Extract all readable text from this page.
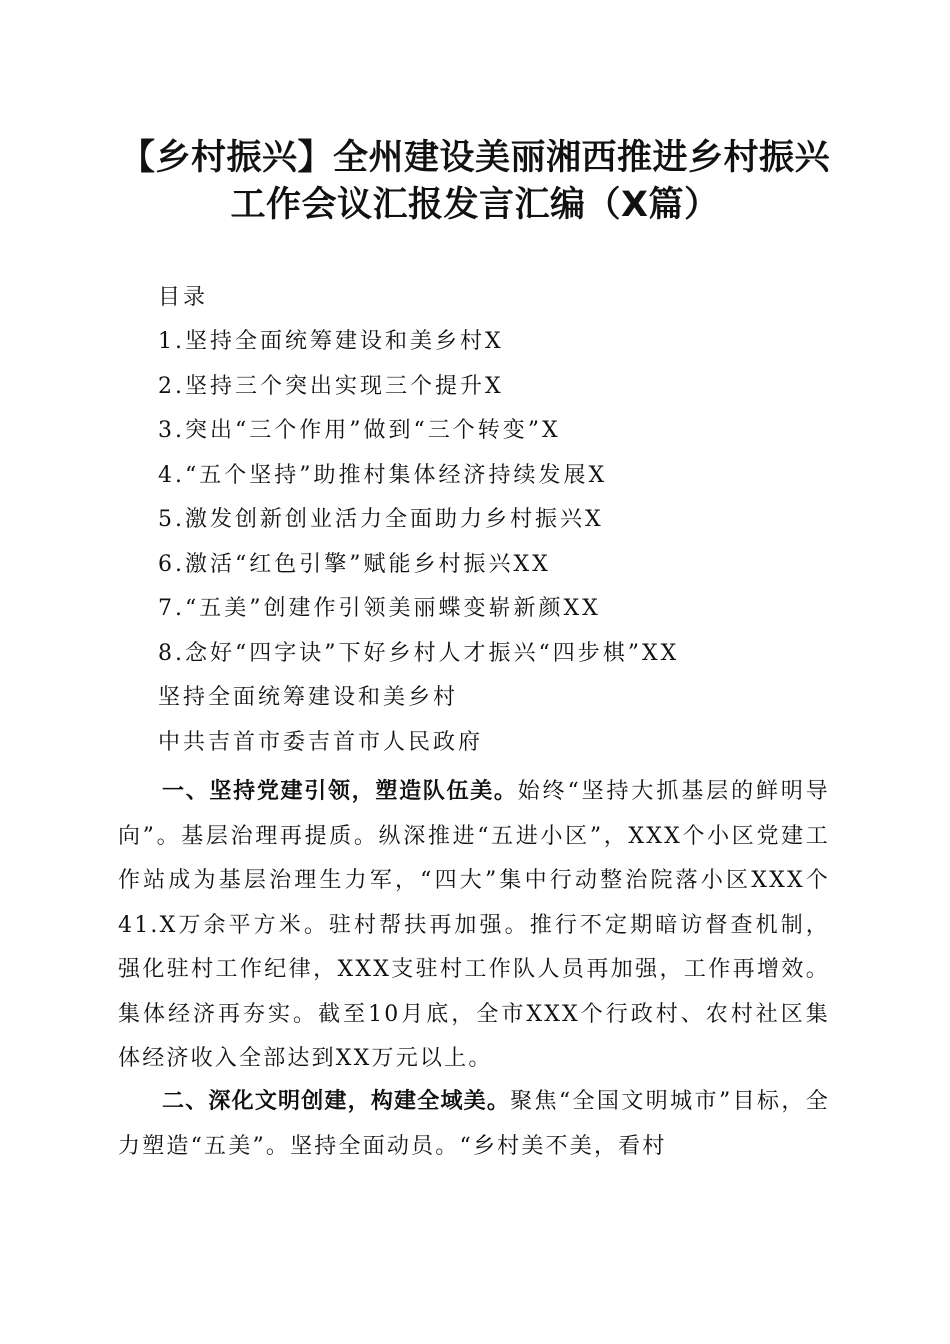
【乡村振兴】全州建设美丽湘西推进乡村振兴
工作会议汇报发言汇编（X篇）
目录
1.坚持全面统筹建设和美乡村X
2.坚持三个突出实现三个提升X
3.突出“三个作用”做到“三个转变”X
4.“五个坚持”助推村集体经济持续发展X
5.激发创新创业活力全面助力乡村振兴X
6.激活“红色引擎”赋能乡村振兴XX
7.“五美”创建作引领美丽蝶变崭新颜XX
8.念好“四字诀”下好乡村人才振兴“四步棋”XX
坚持全面统筹建设和美乡村
中共吉首市委吉首市人民政府
一、坚持党建引领，塑造队伍美。始终“坚持大抓基层的鲜明导向”。基层治理再提质。纵深推进“五进小区”，XXX个小区党建工作站成为基层治理生力军，“四大”集中行动整治院落小区XXX个41.X万余平方米。驻村帮扶再加强。推行不定期暗访督查机制，强化驻村工作纪律，XXX支驻村工作队人员再加强，工作再增效。集体经济再夯实。截至10月底，全市XXX个行政村、农村社区集体经济收入全部达到XX万元以上。
二、深化文明创建，构建全域美。聚焦“全国文明城市”目标，全力塑造“五美”。坚持全面动员。“乡村美不美，看村
